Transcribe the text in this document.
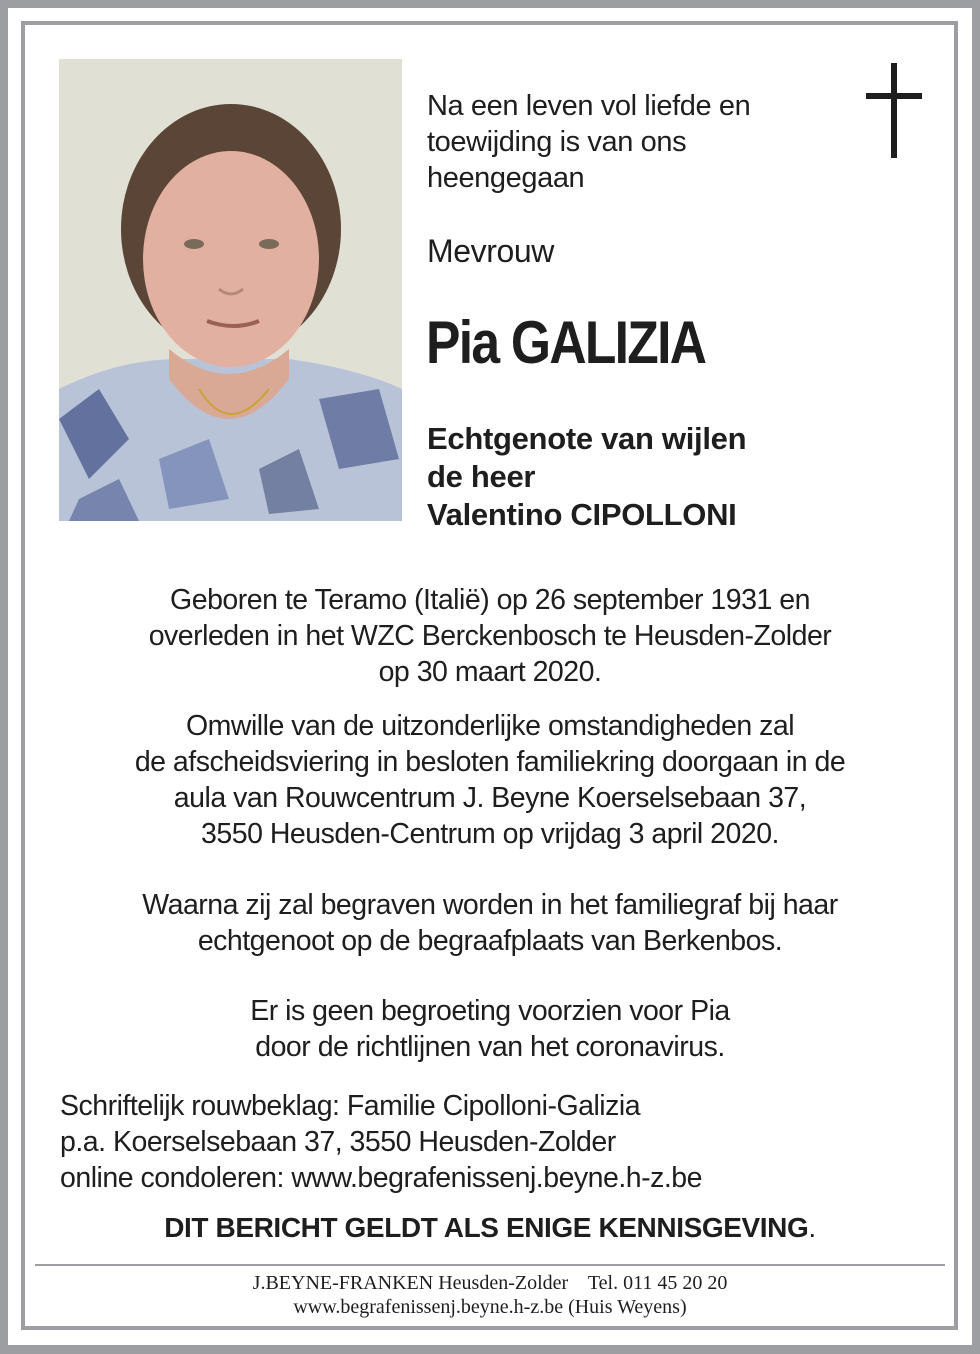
Na een leven vol liefde en
toewijding is van ons
heengegaan
Mevrouw
Pia GALIZIA
Echtgenote van wijlen
de heer
Valentino CIPOLLONI
Geboren te Teramo (Italië) op 26 september 1931 en
overleden in het WZC Berckenbosch te Heusden-Zolder
op 30 maart 2020.
Omwille van de uitzonderlijke omstandigheden zal
de afscheidsviering in besloten familiekring doorgaan in de
aula van Rouwcentrum J. Beyne Koerselsebaan 37,
3550 Heusden-Centrum op vrijdag 3 april 2020.
Waarna zij zal begraven worden in het familiegraf bij haar
echtgenoot op de begraafplaats van Berkenbos.
Er is geen begroeting voorzien voor Pia
door de richtlijnen van het coronavirus.
Schriftelijk rouwbeklag: Familie Cipolloni-Galizia
p.a. Koerselsebaan 37, 3550 Heusden-Zolder
online condoleren: www.begrafenissenj.beyne.h-z.be
DIT BERICHT GELDT ALS ENIGE KENNISGEVING.
J.BEYNE-FRANKEN Heusden-Zolder Tel. 011 45 20 20
www.begrafenissenj.beyne.h-z.be (Huis Weyens)
